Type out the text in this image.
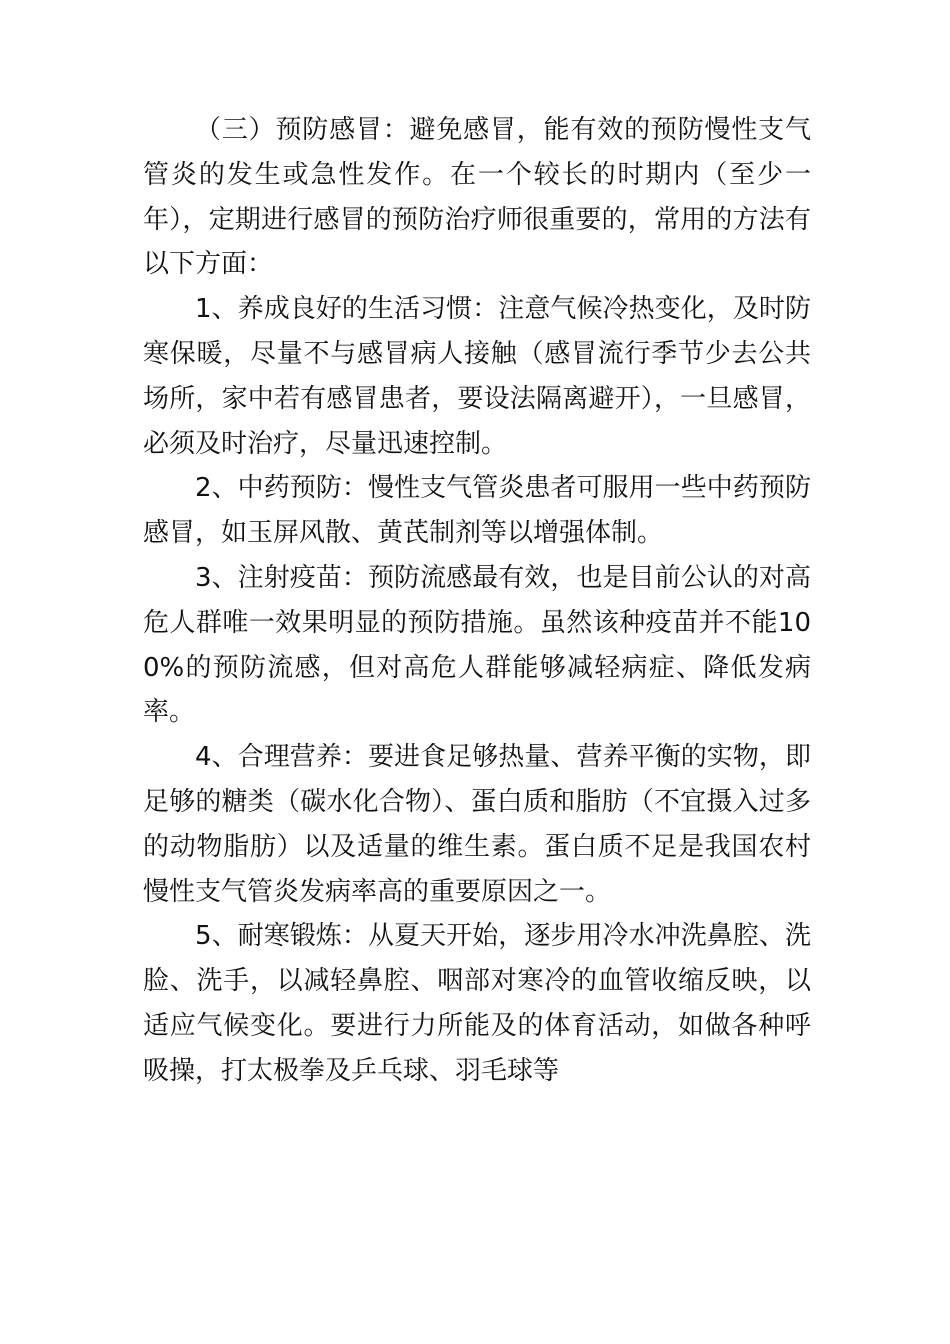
（三）预防感冒：避免感冒，能有效的预防慢性支气管炎的发生或急性发作。在一个较长的时期内（至少一年），定期进行感冒的预防治疗师很重要的，常用的方法有以下方面：

1、养成良好的生活习惯：注意气候冷热变化，及时防寒保暖，尽量不与感冒病人接触（感冒流行季节少去公共场所，家中若有感冒患者，要设法隔离避开），一旦感冒，必须及时治疗，尽量迅速控制。

2、中药预防：慢性支气管炎患者可服用一些中药预防感冒，如玉屏风散、黄芪制剂等以增强体制。

3、注射疫苗：预防流感最有效，也是目前公认的对高危人群唯一效果明显的预防措施。虽然该种疫苗并不能100%的预防流感，但对高危人群能够减轻病症、降低发病率。

4、合理营养：要进食足够热量、营养平衡的实物，即足够的糖类（碳水化合物）、蛋白质和脂肪（不宜摄入过多的动物脂肪）以及适量的维生素。蛋白质不足是我国农村慢性支气管炎发病率高的重要原因之一。

5、耐寒锻炼：从夏天开始，逐步用冷水冲洗鼻腔、洗脸、洗手，以减轻鼻腔、咽部对寒冷的血管收缩反映，以适应气候变化。要进行力所能及的体育活动，如做各种呼吸操，打太极拳及乒乓球、羽毛球等
